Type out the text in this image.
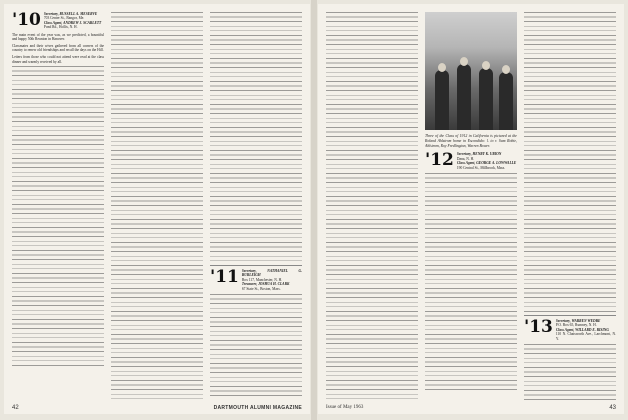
'10 Secretary, RUSSELL A. MESERVE
703 Center St., Bangor, Me.
Class Agent, ANDREW J. SCARLETT
Pond Rd., Hollis, N. H.

The main event of the year was, as we predicted, a bountiful and happy 50th Reunion in Hanover.

Classmates and their wives gathered from all corners of the country to renew old friendships and recall the days on the Hill.

Letters from those who could not attend were read at the class dinner and warmly received by all.

'11 Secretary, NATHANIEL G. BURLEIGH
Box 117, Manchester, N. H.
Treasurer, JOSHUA H. CLARK
67 State St., Boston, Mass.
42	DARTMOUTH ALUMNI MAGAZINE
Three of the Class of 1912 in California is pictured at the Roland Ahlstrom home in Escondido: l. to r. Sam Robie, Ahlstrom, Roy Fredlington, Warren Bower.
'12 Secretary, HENRY K. URION
Dana, N. H.
Class Agent, GEORGE A. LOWWALLE
190 Central St., Millbrook, Mass.
'13 Secretary, WARREN WEDBE
P.O. Box 65, Rumney, N. H.
Class Agent, WILLARD E. RISING
110 N. Chatsworth Ave., Larchmont, N. Y.
Issue of May 1963	43
